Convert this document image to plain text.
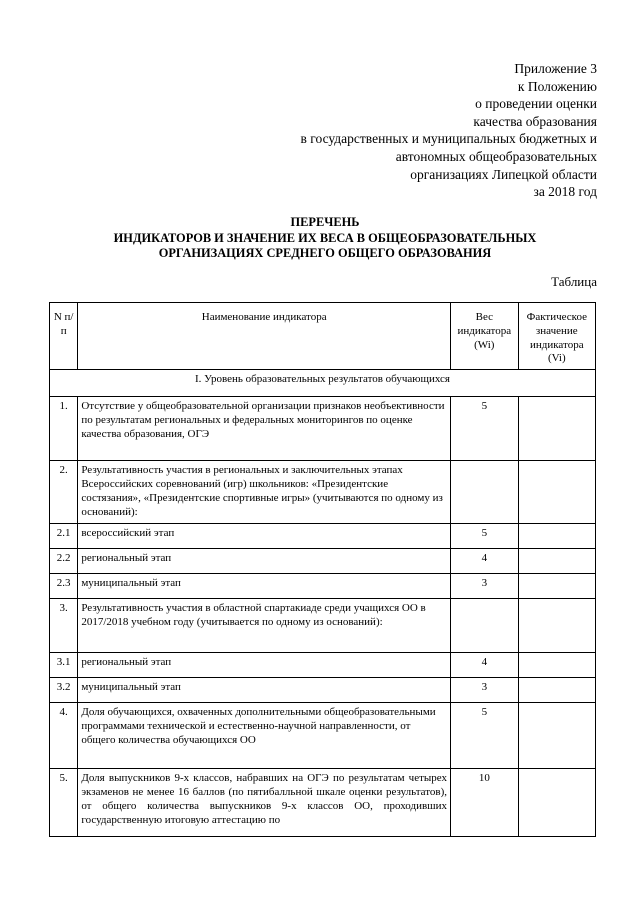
Приложение 3
к Положению
о проведении оценки
качества образования
в государственных и муниципальных бюджетных и
автономных общеобразовательных
организациях Липецкой области
за 2018 год
ПЕРЕЧЕНЬ
ИНДИКАТОРОВ И ЗНАЧЕНИЕ ИХ ВЕСА В ОБЩЕОБРАЗОВАТЕЛЬНЫХ
ОРГАНИЗАЦИЯХ СРЕДНЕГО ОБЩЕГО ОБРАЗОВАНИЯ
Таблица
N п/п	Наименование индикатора	Вес индикатора (Wi)	Фактическое значение индикатора (Vi)
I. Уровень образовательных результатов обучающихся			
1.	Отсутствие у общеобразовательной организации признаков необъективности по результатам региональных и федеральных мониторингов по оценке качества образования, ОГЭ	5	
2.	Результативность участия в региональных и заключительных этапах Всероссийских соревнований (игр) школьников: «Президентские состязания», «Президентские спортивные игры» (учитываются по одному из оснований):		
2.1	всероссийский этап	5	
2.2	региональный этап	4	
2.3	муниципальный этап	3	
3.	Результативность участия в областной спартакиаде среди учащихся ОО в 2017/2018 учебном году (учитывается по одному из оснований):		
3.1	региональный этап	4	
3.2	муниципальный этап	3	
4.	Доля обучающихся, охваченных дополнительными общеобразовательными программами технической и естественно-научной направленности, от общего количества обучающихся ОО	5	
5.	Доля выпускников 9-х классов, набравших на ОГЭ по результатам четырех экзаменов не менее 16 баллов (по пятибалльной шкале оценки результатов), от общего количества выпускников 9-х классов ОО, проходивших государственную итоговую аттестацию по	10	
